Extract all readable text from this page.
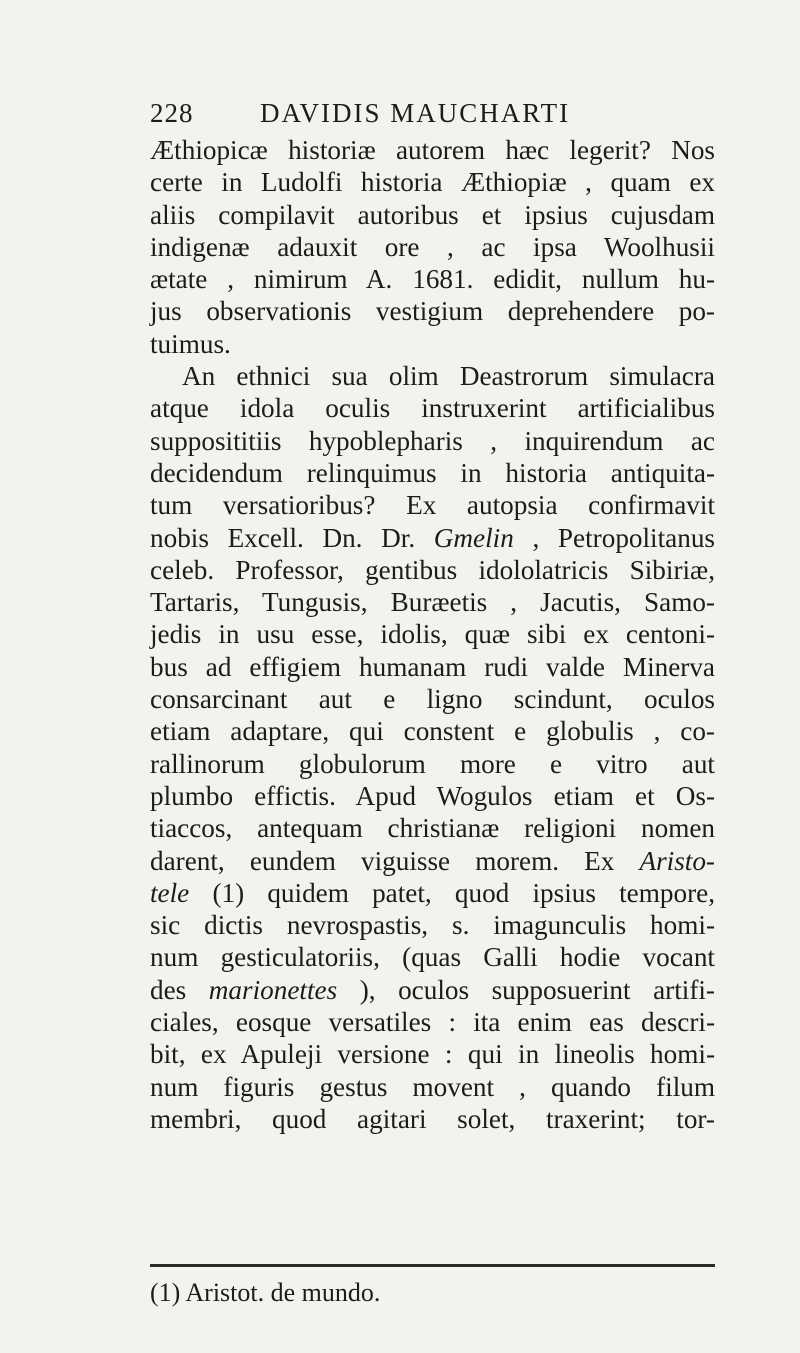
228 DAVIDIS MAUCHARTI
Æthiopicæ historiæ autorem hæc legerit? Nos
certe in Ludolfi historia Æthiopiæ , quam ex
aliis compilavit autoribus et ipsius cujusdam
indigenæ adauxit ore , ac ipsa Woolhusii
ætate , nimirum A. 1681. edidit, nullum hu-
jus observationis vestigium deprehendere po-
tuimus.
An ethnici sua olim Deastrorum simulacra
atque idola oculis instruxerint artificialibus
supposititiis hypoblepharis , inquirendum ac
decidendum relinquimus in historia antiquita-
tum versatioribus? Ex autopsia confirmavit
nobis Excell. Dn. Dr. Gmelin , Petropolitanus
celeb. Professor, gentibus idololatricis Sibiriæ,
Tartaris, Tungusis, Buræetis , Jacutis, Samo-
jedis in usu esse, idolis, quæ sibi ex centoni-
bus ad effigiem humanam rudi valde Minerva
consarcinant aut e ligno scindunt, oculos
etiam adaptare, qui constent e globulis , co-
rallinorum globulorum more e vitro aut
plumbo effictis. Apud Wogulos etiam et Os-
tiaccos, antequam christianæ religioni nomen
darent, eundem viguisse morem. Ex Aristo-
tele (1) quidem patet, quod ipsius tempore,
sic dictis nevrospastis, s. imagunculis homi-
num gesticulatoriis, (quas Galli hodie vocant
des marionettes ), oculos supposuerint artifi-
ciales, eosque versatiles : ita enim eas descri-
bit, ex Apuleji versione : qui in lineolis homi-
num figuris gestus movent , quando filum
membri, quod agitari solet, traxerint; tor-
(1) Aristot. de mundo.
